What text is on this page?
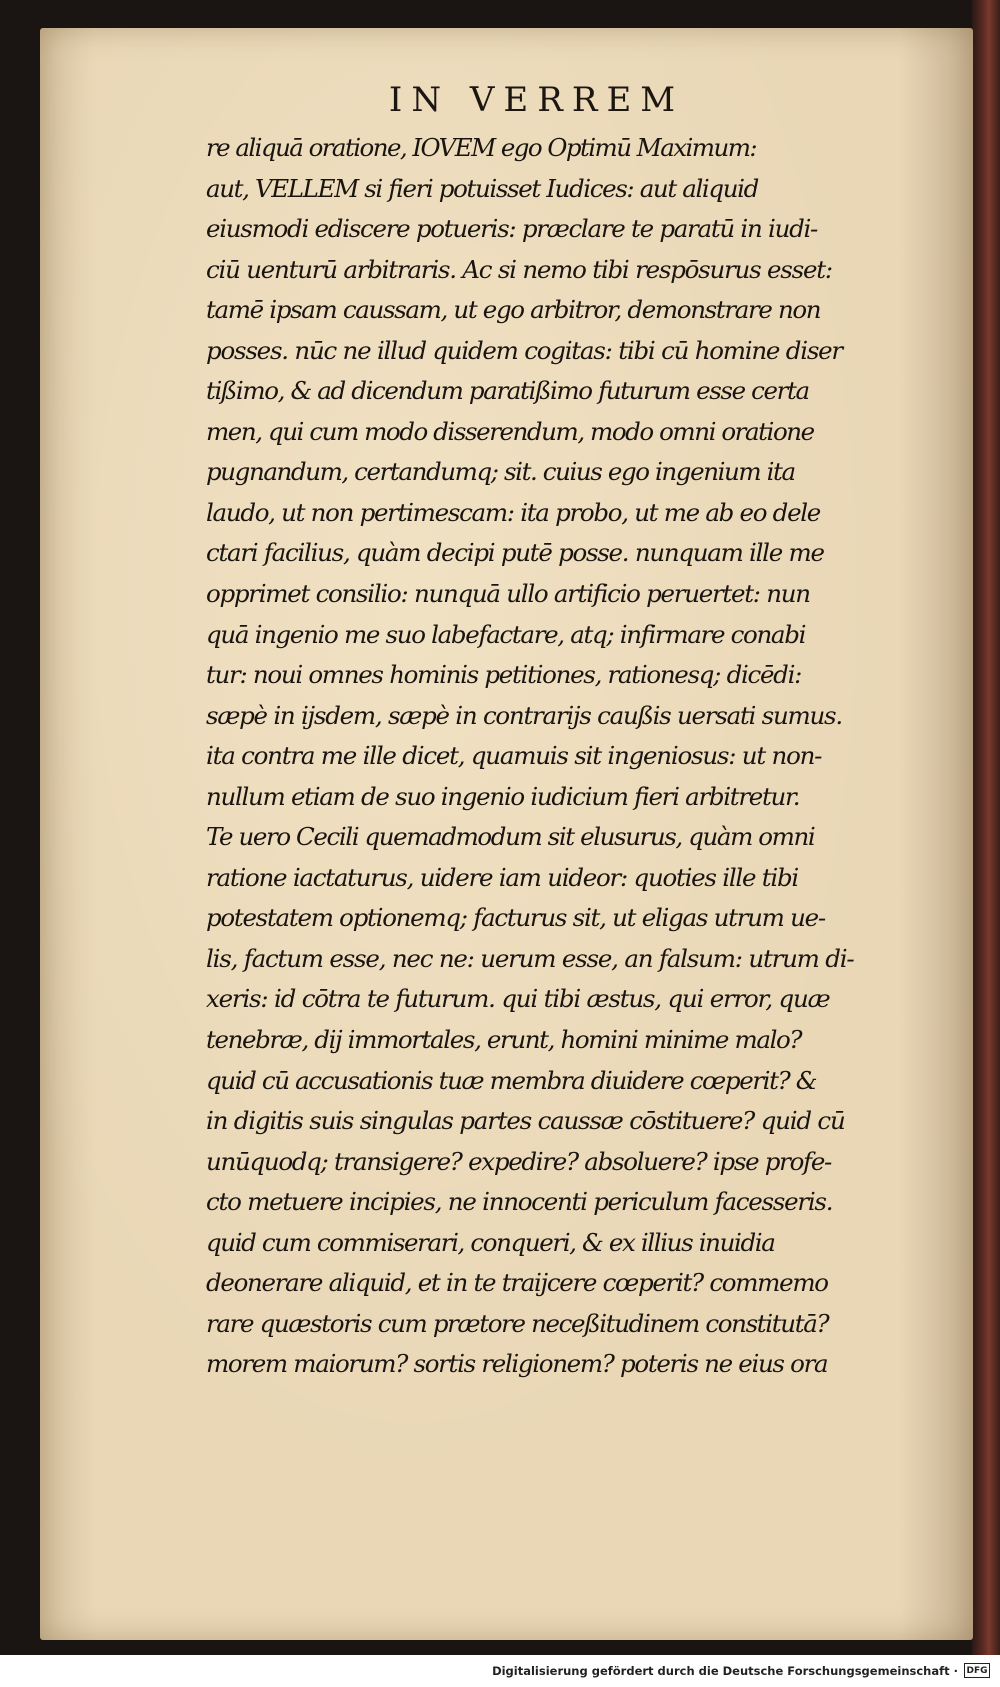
IN VERREM
re aliquā oratione, IOVEM ego Optimū Maximum:
aut, VELLEM si fieri potuisset Iudices: aut aliquid
eiusmodi ediscere potueris: præclare te paratū in iudi-
ciū uenturū arbitraris. Ac si nemo tibi respōsurus esset:
tamē ipsam caussam, ut ego arbitror, demonstrare non
posses. nūc ne illud quidem cogitas: tibi cū homine diser
tißimo, & ad dicendum paratißimo futurum esse certa
men, qui cum modo disserendum, modo omni oratione
pugnandum, certandumq; sit. cuius ego ingenium ita
laudo, ut non pertimescam: ita probo, ut me ab eo dele
ctari facilius, quàm decipi putē posse. nunquam ille me
opprimet consilio: nunquā ullo artificio peruertet: nun
quā ingenio me suo labefactare, atq; infirmare conabi
tur: noui omnes hominis petitiones, rationesq; dicēdi:
sæpè in ijsdem, sæpè in contrarijs caußis uersati sumus.
ita contra me ille dicet, quamuis sit ingeniosus: ut non-
nullum etiam de suo ingenio iudicium fieri arbitretur.
Te uero Cecili quemadmodum sit elusurus, quàm omni
ratione iactaturus, uidere iam uideor: quoties ille tibi
potestatem optionemq; facturus sit, ut eligas utrum ue-
lis, factum esse, nec ne: uerum esse, an falsum: utrum di-
xeris: id cōtra te futurum. qui tibi æstus, qui error, quæ
tenebræ, dij immortales, erunt, homini minime malo?
quid cū accusationis tuæ membra diuidere cœperit? &
in digitis suis singulas partes caussæ cōstituere? quid cū
unūquodq; transigere? expedire? absoluere? ipse profe-
cto metuere incipies, ne innocenti periculum facesseris.
quid cum commiserari, conqueri, & ex illius inuidia
deonerare aliquid, et in te traijcere cœperit? commemo
rare quæstoris cum prætore neceßitudinem constitutā?
morem maiorum? sortis religionem? poteris ne eius ora
Digitalisierung gefördert durch die Deutsche Forschungsgemeinschaft · DFG
